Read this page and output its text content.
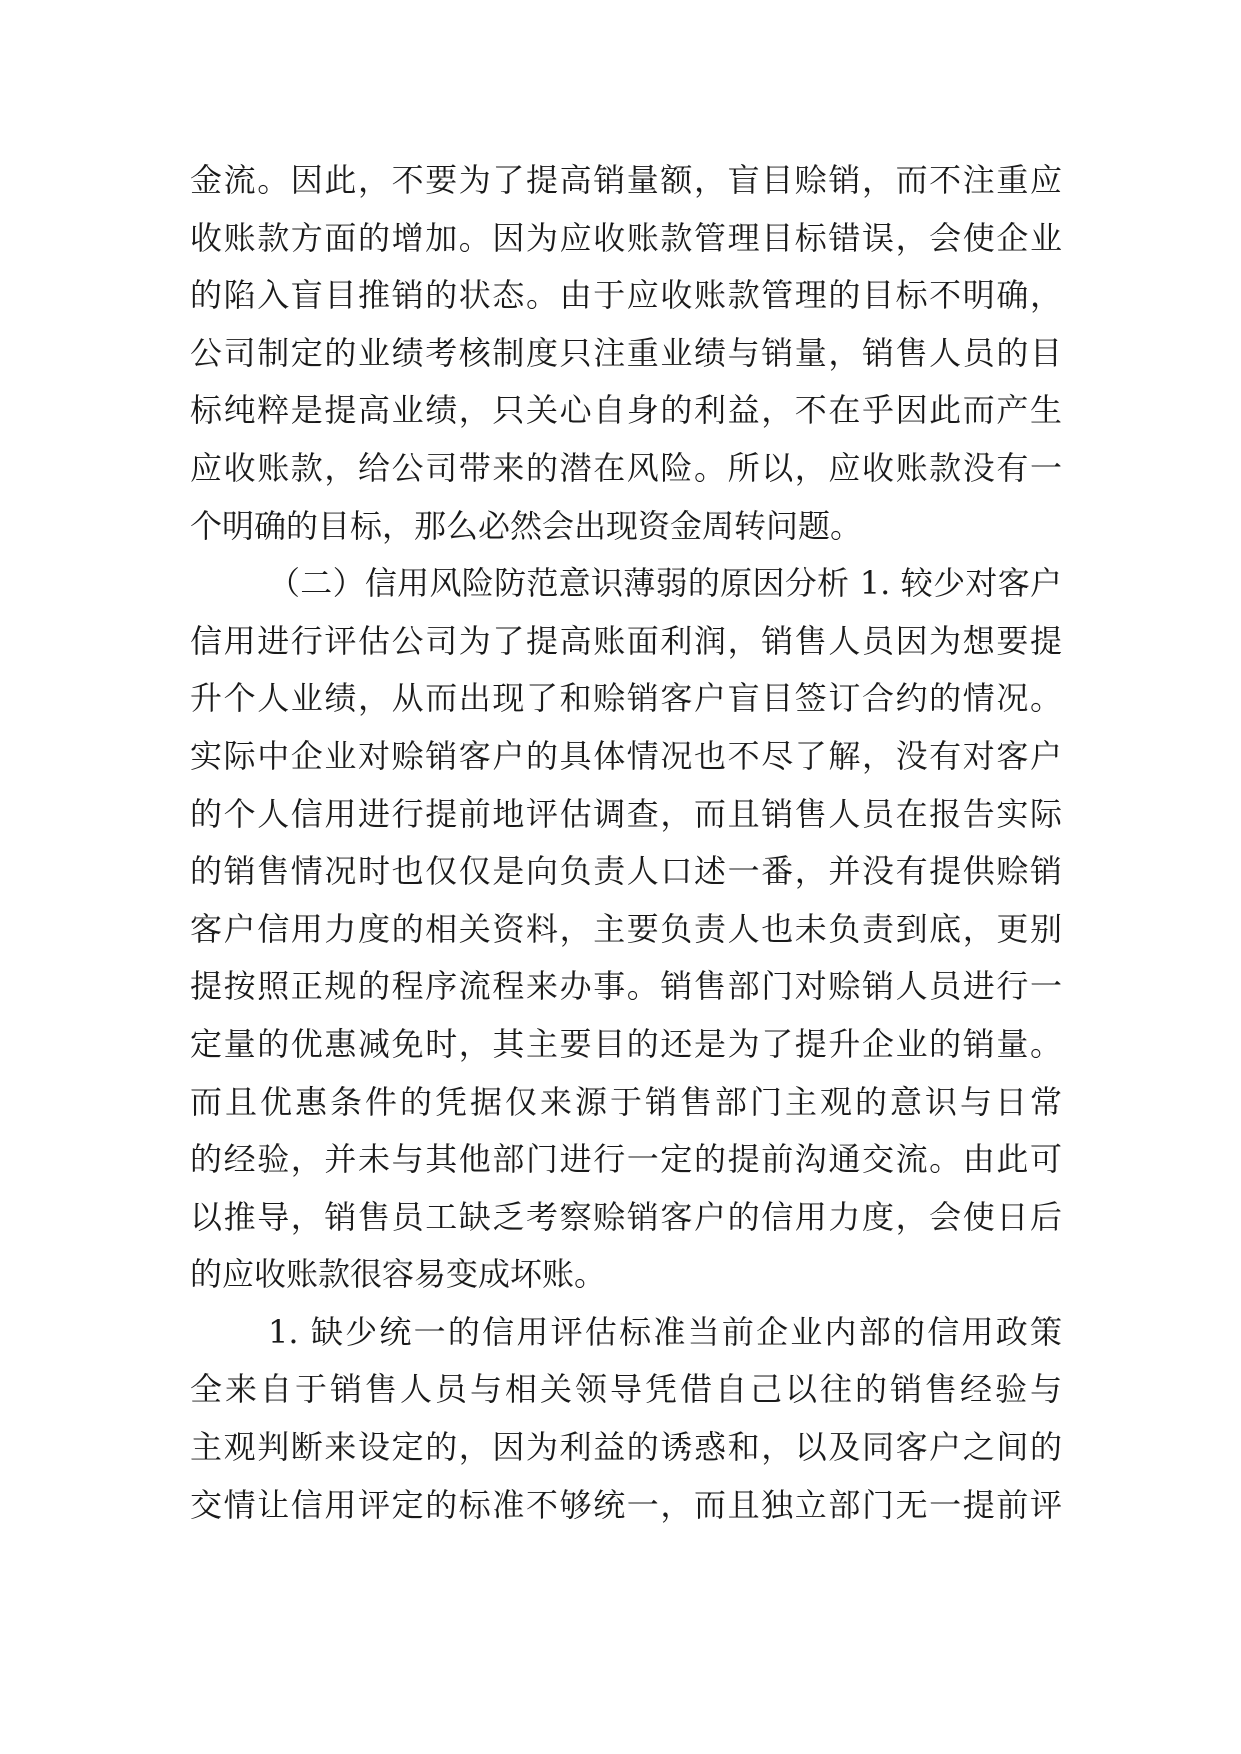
金流。因此，不要为了提高销量额，盲目赊销，而不注重应
收账款方面的增加。因为应收账款管理目标错误，会使企业
的陷入盲目推销的状态。由于应收账款管理的目标不明确，
公司制定的业绩考核制度只注重业绩与销量，销售人员的目
标纯粹是提高业绩，只关心自身的利益，不在乎因此而产生
应收账款，给公司带来的潜在风险。所以，应收账款没有一
个明确的目标，那么必然会出现资金周转问题。
（二）信用风险防范意识薄弱的原因分析 1. 较少对客户
信用进行评估公司为了提高账面利润，销售人员因为想要提
升个人业绩，从而出现了和赊销客户盲目签订合约的情况。
实际中企业对赊销客户的具体情况也不尽了解，没有对客户
的个人信用进行提前地评估调查，而且销售人员在报告实际
的销售情况时也仅仅是向负责人口述一番，并没有提供赊销
客户信用力度的相关资料，主要负责人也未负责到底，更别
提按照正规的程序流程来办事。销售部门对赊销人员进行一
定量的优惠减免时，其主要目的还是为了提升企业的销量。
而且优惠条件的凭据仅来源于销售部门主观的意识与日常
的经验，并未与其他部门进行一定的提前沟通交流。由此可
以推导，销售员工缺乏考察赊销客户的信用力度，会使日后
的应收账款很容易变成坏账。
1. 缺少统一的信用评估标准当前企业内部的信用政策
全来自于销售人员与相关领导凭借自己以往的销售经验与
主观判断来设定的，因为利益的诱惑和，以及同客户之间的
交情让信用评定的标准不够统一，而且独立部门无一提前评
